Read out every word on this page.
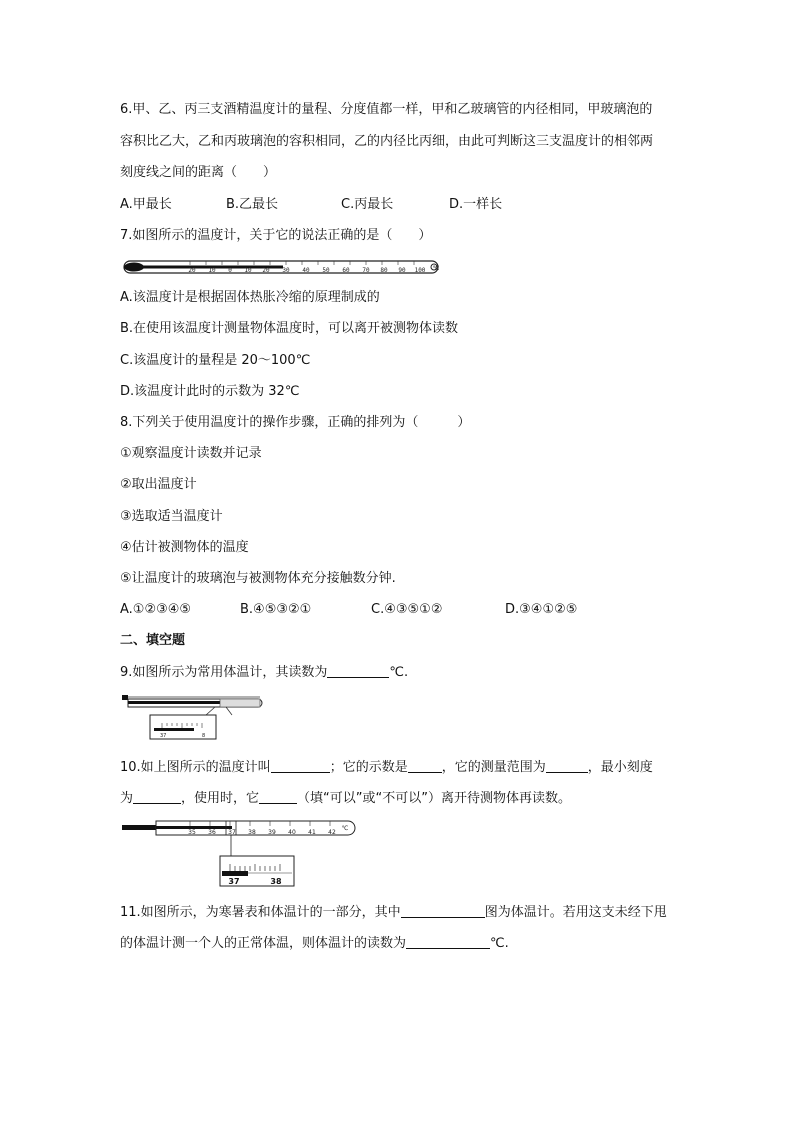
6.甲、乙、丙三支酒精温度计的量程、分度值都一样，甲和乙玻璃管的内径相同，甲玻璃泡的
容积比乙大，乙和丙玻璃泡的容积相同，乙的内径比丙细，由此可判断这三支温度计的相邻两
刻度线之间的距离（　　）
A.甲最长	B.乙最长	C.丙最长	D.一样长
7.如图所示的温度计，关于它的说法正确的是（　　）
20 10 0 10 20 30 40 50 60 70 80 90 100 ℃
A.该温度计是根据固体热胀冷缩的原理制成的
B.在使用该温度计测量物体温度时，可以离开被测物体读数
C.该温度计的量程是 20～100℃
D.该温度计此时的示数为 32℃
8.下列关于使用温度计的操作步骤，正确的排列为（　　　）
①观察温度计读数并记录
②取出温度计
③选取适当温度计
④估计被测物体的温度
⑤让温度计的玻璃泡与被测物体充分接触数分钟.
A.①②③④⑤	B.④⑤③②①	C.④③⑤①②	D.③④①②⑤
二、填空题
9.如图所示为常用体温计，其读数为	℃.
37	8
10.如上图所示的温度计叫	；它的示数是	，它的测量范围为	，最小刻度
为	，使用时，它	（填“可以”或“不可以”）离开待测物体再读数。
35 36 37 38 39 40 41 42
℃
37	38
11.如图所示，为寒暑表和体温计的一部分，其中	图为体温计。若用这支未经下甩
的体温计测一个人的正常体温，则体温计的读数为	℃.
